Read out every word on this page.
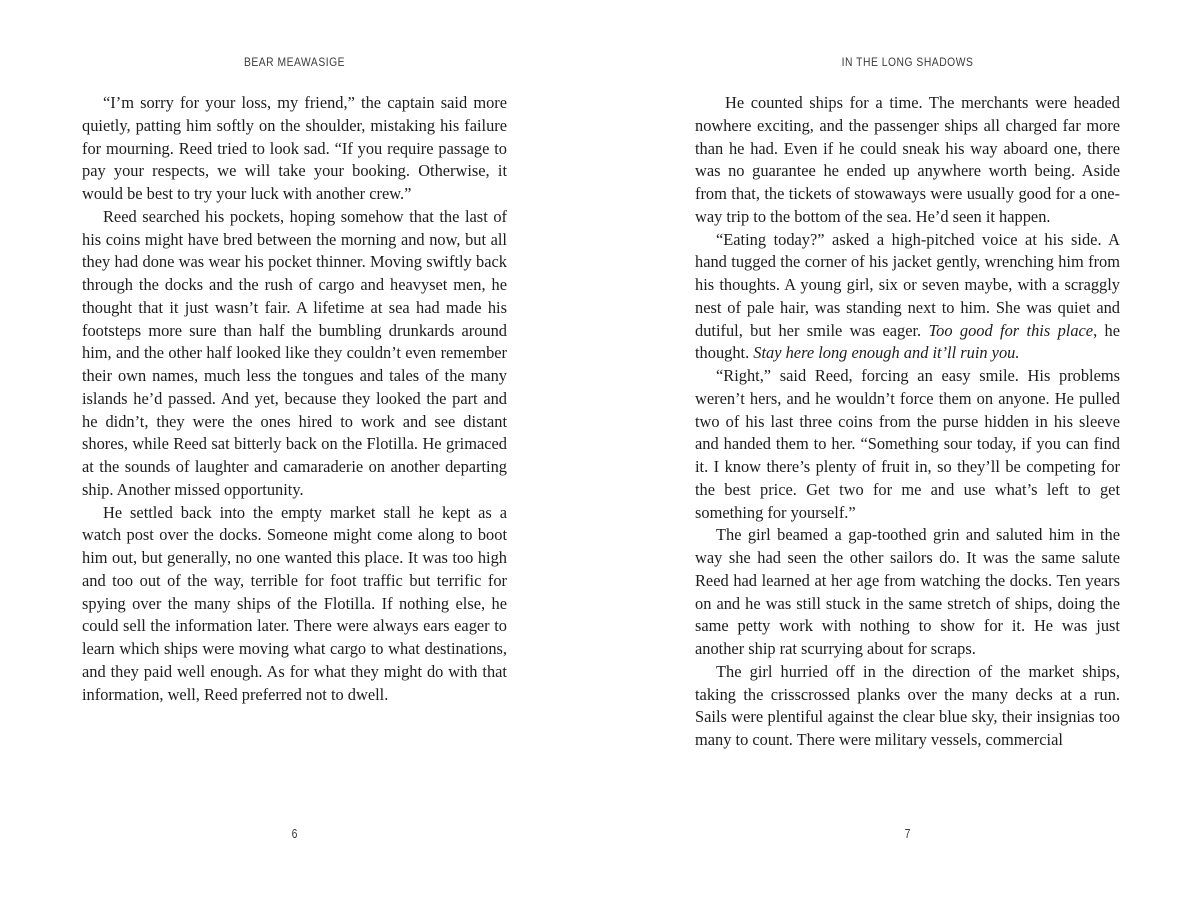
BEAR MEAWASIGE

“I’m sorry for your loss, my friend,” the captain said more quietly, patting him softly on the shoulder, mistaking his failure for mourning. Reed tried to look sad. “If you require passage to pay your respects, we will take your booking. Otherwise, it would be best to try your luck with another crew.”

Reed searched his pockets, hoping somehow that the last of his coins might have bred between the morning and now, but all they had done was wear his pocket thinner. Moving swiftly back through the docks and the rush of cargo and heavyset men, he thought that it just wasn’t fair. A lifetime at sea had made his footsteps more sure than half the bumbling drunkards around him, and the other half looked like they couldn’t even remember their own names, much less the tongues and tales of the many islands he’d passed. And yet, because they looked the part and he didn’t, they were the ones hired to work and see distant shores, while Reed sat bitterly back on the Flotilla. He grimaced at the sounds of laughter and camaraderie on another departing ship. Another missed opportunity.

He settled back into the empty market stall he kept as a watch post over the docks. Someone might come along to boot him out, but generally, no one wanted this place. It was too high and too out of the way, terrible for foot traffic but terrific for spying over the many ships of the Flotilla. If nothing else, he could sell the information later. There were always ears eager to learn which ships were moving what cargo to what destinations, and they paid well enough. As for what they might do with that information, well, Reed preferred not to dwell.

6
IN THE LONG SHADOWS

He counted ships for a time. The merchants were headed nowhere exciting, and the passenger ships all charged far more than he had. Even if he could sneak his way aboard one, there was no guarantee he ended up anywhere worth being. Aside from that, the tickets of stowaways were usually good for a one-way trip to the bottom of the sea. He’d seen it happen.

“Eating today?” asked a high-pitched voice at his side. A hand tugged the corner of his jacket gently, wrenching him from his thoughts. A young girl, six or seven maybe, with a scraggly nest of pale hair, was standing next to him. She was quiet and dutiful, but her smile was eager. Too good for this place, he thought. Stay here long enough and it’ll ruin you.

“Right,” said Reed, forcing an easy smile. His problems weren’t hers, and he wouldn’t force them on anyone. He pulled two of his last three coins from the purse hidden in his sleeve and handed them to her. “Something sour today, if you can find it. I know there’s plenty of fruit in, so they’ll be competing for the best price. Get two for me and use what’s left to get something for yourself.”

The girl beamed a gap-toothed grin and saluted him in the way she had seen the other sailors do. It was the same salute Reed had learned at her age from watching the docks. Ten years on and he was still stuck in the same stretch of ships, doing the same petty work with nothing to show for it. He was just another ship rat scurrying about for scraps.

The girl hurried off in the direction of the market ships, taking the crisscrossed planks over the many decks at a run. Sails were plentiful against the clear blue sky, their insignias too many to count. There were military vessels, commercial

7
